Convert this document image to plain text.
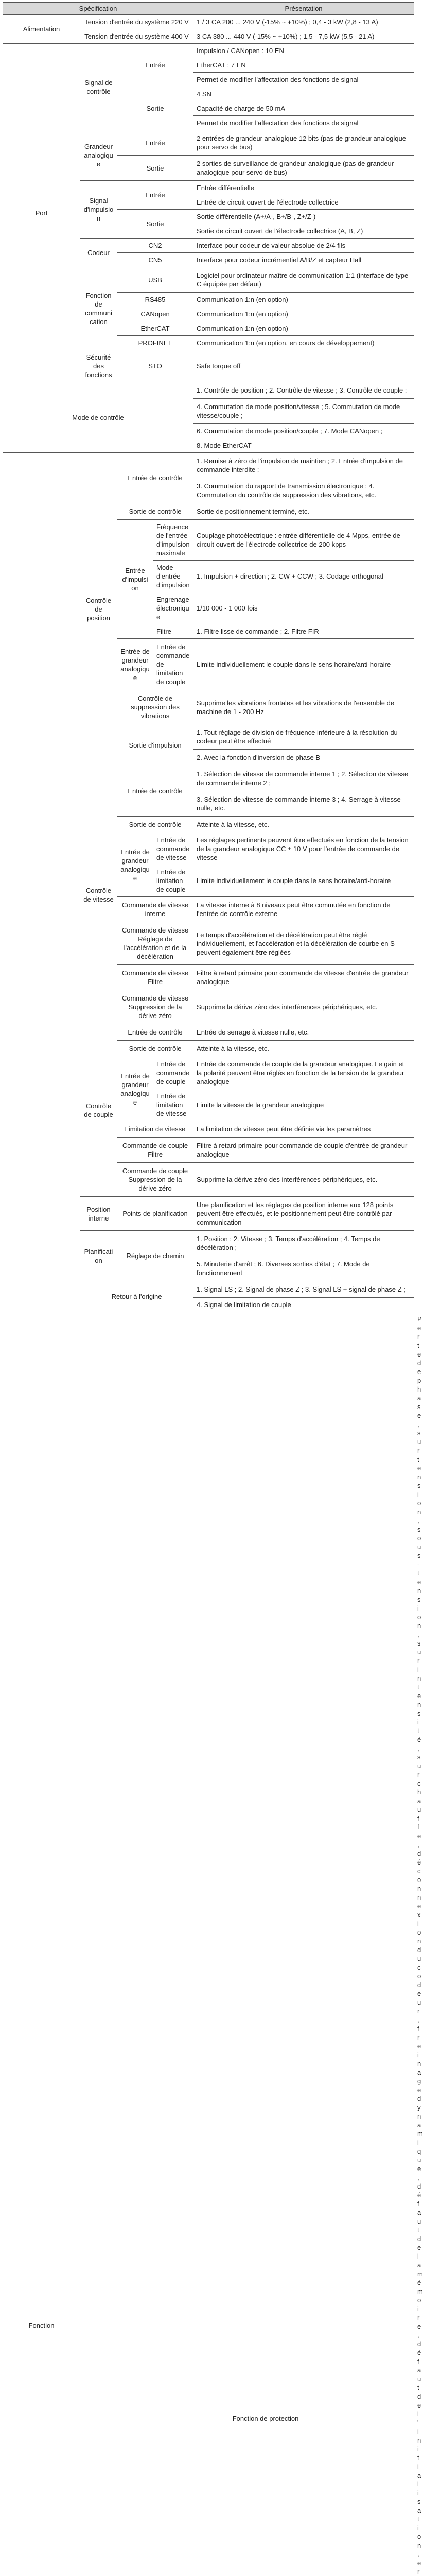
Spécification				Présentation	
Alimentation	Tension d'entrée du système 220 V			1 / 3 CA 200 ... 240 V (-15% ~ +10%) ; 0,4 - 3 kW (2,8 - 13 A)	
	Tension d'entrée du système 400 V			3 CA 380 ... 440 V (-15% ~ +10%) ; 1,5 - 7,5 kW (5,5 - 21 A)	
Port	Signal de contrôle	Entrée		Impulsion / CANopen : 10 EN	
				EtherCAT : 7 EN	
				Permet de modifier l'affectation des fonctions de signal	
		Sortie		4 SN	
				Capacité de charge de 50 mA	
				Permet de modifier l'affectation des fonctions de signal	
	Grandeur analogique	Entrée		2 entrées de grandeur analogique 12 bits (pas de grandeur analogique pour servo de bus)	
		Sortie		2 sorties de surveillance de grandeur analogique (pas de grandeur analogique pour servo de bus)	
	Signal d'impulsion	Entrée		Entrée différentielle	
				Entrée de circuit ouvert de l'électrode collectrice	
		Sortie		Sortie différentielle (A+/A-, B+/B-, Z+/Z-)	
				Sortie de circuit ouvert de l'électrode collectrice (A, B, Z)	
	Codeur	CN2		Interface pour codeur de valeur absolue de 2/4 fils	
		CN5		Interface pour codeur incrémentiel A/B/Z et capteur Hall	
	Fonction de communication	USB		Logiciel pour ordinateur maître de communication 1:1 (interface de type C équipée par défaut)	
		RS485		Communication 1:n (en option)	
		CANopen		Communication 1:n (en option)	
		EtherCAT		Communication 1:n (en option)	
		PROFINET		Communication 1:n (en option, en cours de développement)	
	Sécurité des fonctions	STO		Safe torque off	
Mode de contrôle				1. Contrôle de position ; 2. Contrôle de vitesse ; 3. Contrôle de couple ;	
				4. Commutation de mode position/vitesse ; 5. Commutation de mode vitesse/couple ;	
				6. Commutation de mode position/couple ; 7. Mode CANopen ;	
				8. Mode EtherCAT	
Fonction	Contrôle de position	Entrée de contrôle		1. Remise à zéro de l'impulsion de maintien ; 2. Entrée d'impulsion de commande interdite ;	
				3. Commutation du rapport de transmission électronique ; 4. Commutation du contrôle de suppression des vibrations, etc.	
		Sortie de contrôle		Sortie de positionnement terminé, etc.	
		Entrée d'impulsion	Fréquence de l'entrée d'impulsion maximale	Couplage photoélectrique : entrée différentielle de 4 Mpps, entrée de circuit ouvert de l'électrode collectrice de 200 kpps	
			Mode d'entrée d'impulsion	1. Impulsion + direction ; 2. CW + CCW ; 3. Codage orthogonal	
			Engrenage électronique	1/10 000 - 1 000 fois	
			Filtre	1. Filtre lisse de commande ; 2. Filtre FIR	
		Entrée de grandeur analogique	Entrée de commande de limitation de couple	Limite individuellement le couple dans le sens horaire/anti-horaire	
		Contrôle de suppression des vibrations		Supprime les vibrations frontales et les vibrations de l'ensemble de machine de 1 - 200 Hz	
		Sortie d'impulsion		1. Tout réglage de division de fréquence inférieure à la résolution du codeur peut être effectué	
				2. Avec la fonction d'inversion de phase B	
	Contrôle de vitesse	Entrée de contrôle		1. Sélection de vitesse de commande interne 1 ; 2. Sélection de vitesse de commande interne 2 ;	
				3. Sélection de vitesse de commande interne 3 ; 4. Serrage à vitesse nulle, etc.	
		Sortie de contrôle		Atteinte à la vitesse, etc.	
		Entrée de grandeur analogique	Entrée de commande de vitesse	Les réglages pertinents peuvent être effectués en fonction de la tension de la grandeur analogique CC ± 10 V pour l'entrée de commande de vitesse	
			Entrée de limitation de couple	Limite individuellement le couple dans le sens horaire/anti-horaire	
		Commande de vitesse interne		La vitesse interne à 8 niveaux peut être commutée en fonction de l'entrée de contrôle externe	
		Commande de vitesse Réglage de l'accélération et de la décélération		Le temps d'accélération et de décélération peut être réglé individuellement, et l'accélération et la décélération de courbe en S peuvent également être réglées	
		Commande de vitesse Filtre		Filtre à retard primaire pour commande de vitesse d'entrée de grandeur analogique	
		Commande de vitesse Suppression de la dérive zéro		Supprime la dérive zéro des interférences périphériques, etc.	

	Contrôle de couple	Entrée de contrôle		Entrée de serrage à vitesse nulle, etc.	
		Sortie de contrôle		Atteinte à la vitesse, etc.	
		Entrée de grandeur analogique	Entrée de commande de couple	Entrée de commande de couple de la grandeur analogique. Le gain et la polarité peuvent être réglés en fonction de la tension de la grandeur analogique	
			Entrée de limitation de vitesse	Limite la vitesse de la grandeur analogique	
		Limitation de vitesse		La limitation de vitesse peut être définie via les paramètres	
		Commande de couple Filtre		Filtre à retard primaire pour commande de couple d'entrée de grandeur analogique	
		Commande de couple Suppression de la dérive zéro		Supprime la dérive zéro des interférences périphériques, etc.	

	Position interne	Points de planification		Une planification et les réglages de position interne aux 128 points peuvent être effectués, et le positionnement peut être contrôlé par communication	
	Planification	Réglage de chemin		1. Position ; 2. Vitesse ; 3. Temps d'accélération ; 4. Temps de décélération ;	
				5. Minuterie d'arrêt ; 6. Diverses sorties d'état ; 7. Mode de fonctionnement	
	Retour à l'origine			1. Signal LS ; 2. Signal de phase Z ; 3. Signal LS + signal de phase Z ;	
				4. Signal de limitation de couple	
	Fonction de protection			Perte de phase, surtension, sous-tension, surintensité, surchauffe, déconnexion du codeur, freinage dynamique, défaut de la mémoire, défaut de l'initialisation, er
